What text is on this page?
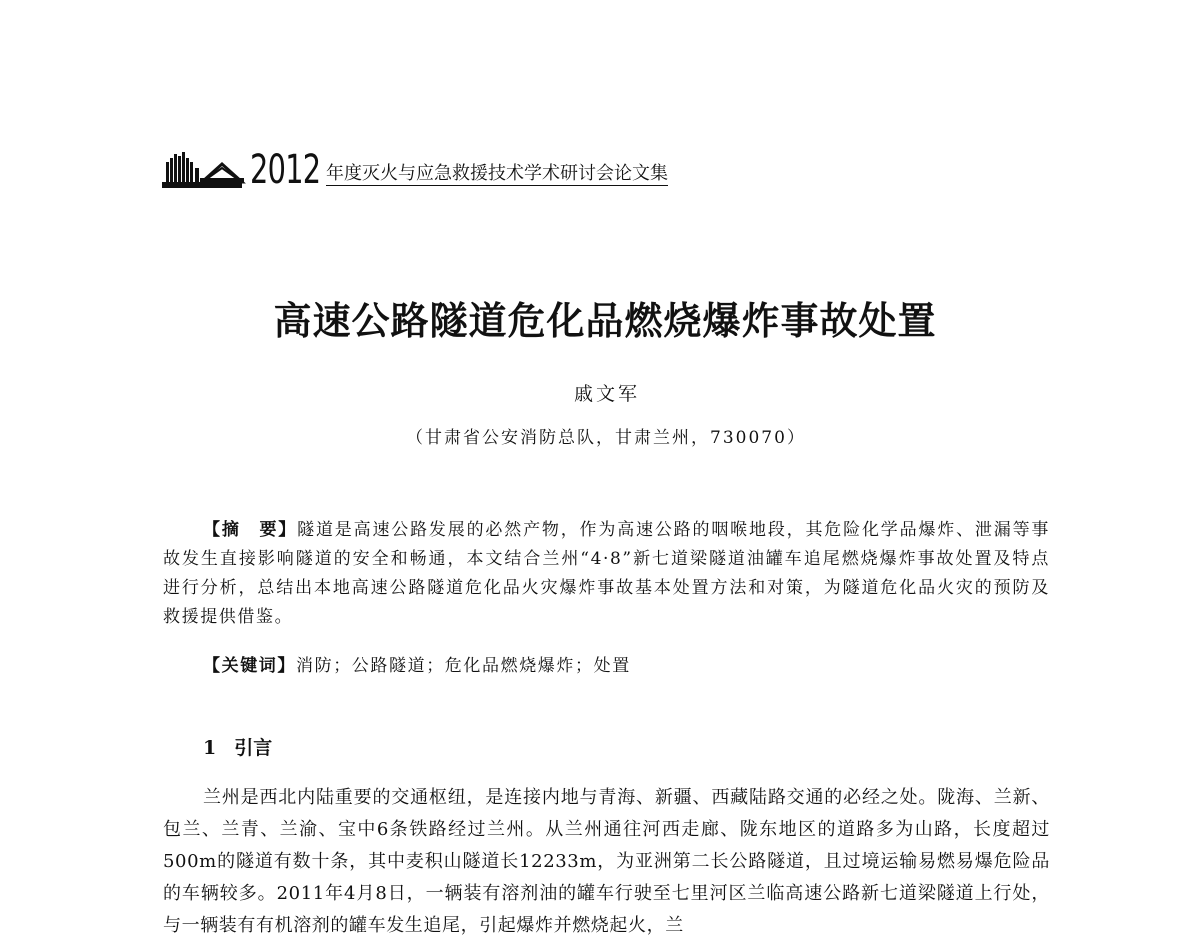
2012 年度灭火与应急救援技术学术研讨会论文集
高速公路隧道危化品燃烧爆炸事故处置
戚文军
（甘肃省公安消防总队，甘肃兰州，730070）

【摘　要】隧道是高速公路发展的必然产物，作为高速公路的咽喉地段，其危险化学品爆炸、泄漏等事故发生直接影响隧道的安全和畅通，本文结合兰州“4·8”新七道梁隧道油罐车追尾燃烧爆炸事故处置及特点进行分析，总结出本地高速公路隧道危化品火灾爆炸事故基本处置方法和对策，为隧道危化品火灾的预防及救援提供借鉴。

【关键词】消防；公路隧道；危化品燃烧爆炸；处置

1 引言

兰州是西北内陆重要的交通枢纽，是连接内地与青海、新疆、西藏陆路交通的必经之处。陇海、兰新、包兰、兰青、兰渝、宝中6条铁路经过兰州。从兰州通往河西走廊、陇东地区的道路多为山路，长度超过500m的隧道有数十条，其中麦积山隧道长12233m，为亚洲第二长公路隧道，且过境运输易燃易爆危险品的车辆较多。2011年4月8日，一辆装有溶剂油的罐车行驶至七里河区兰临高速公路新七道梁隧道上行处，与一辆装有有机溶剂的罐车发生追尾，引起爆炸并燃烧起火，兰
